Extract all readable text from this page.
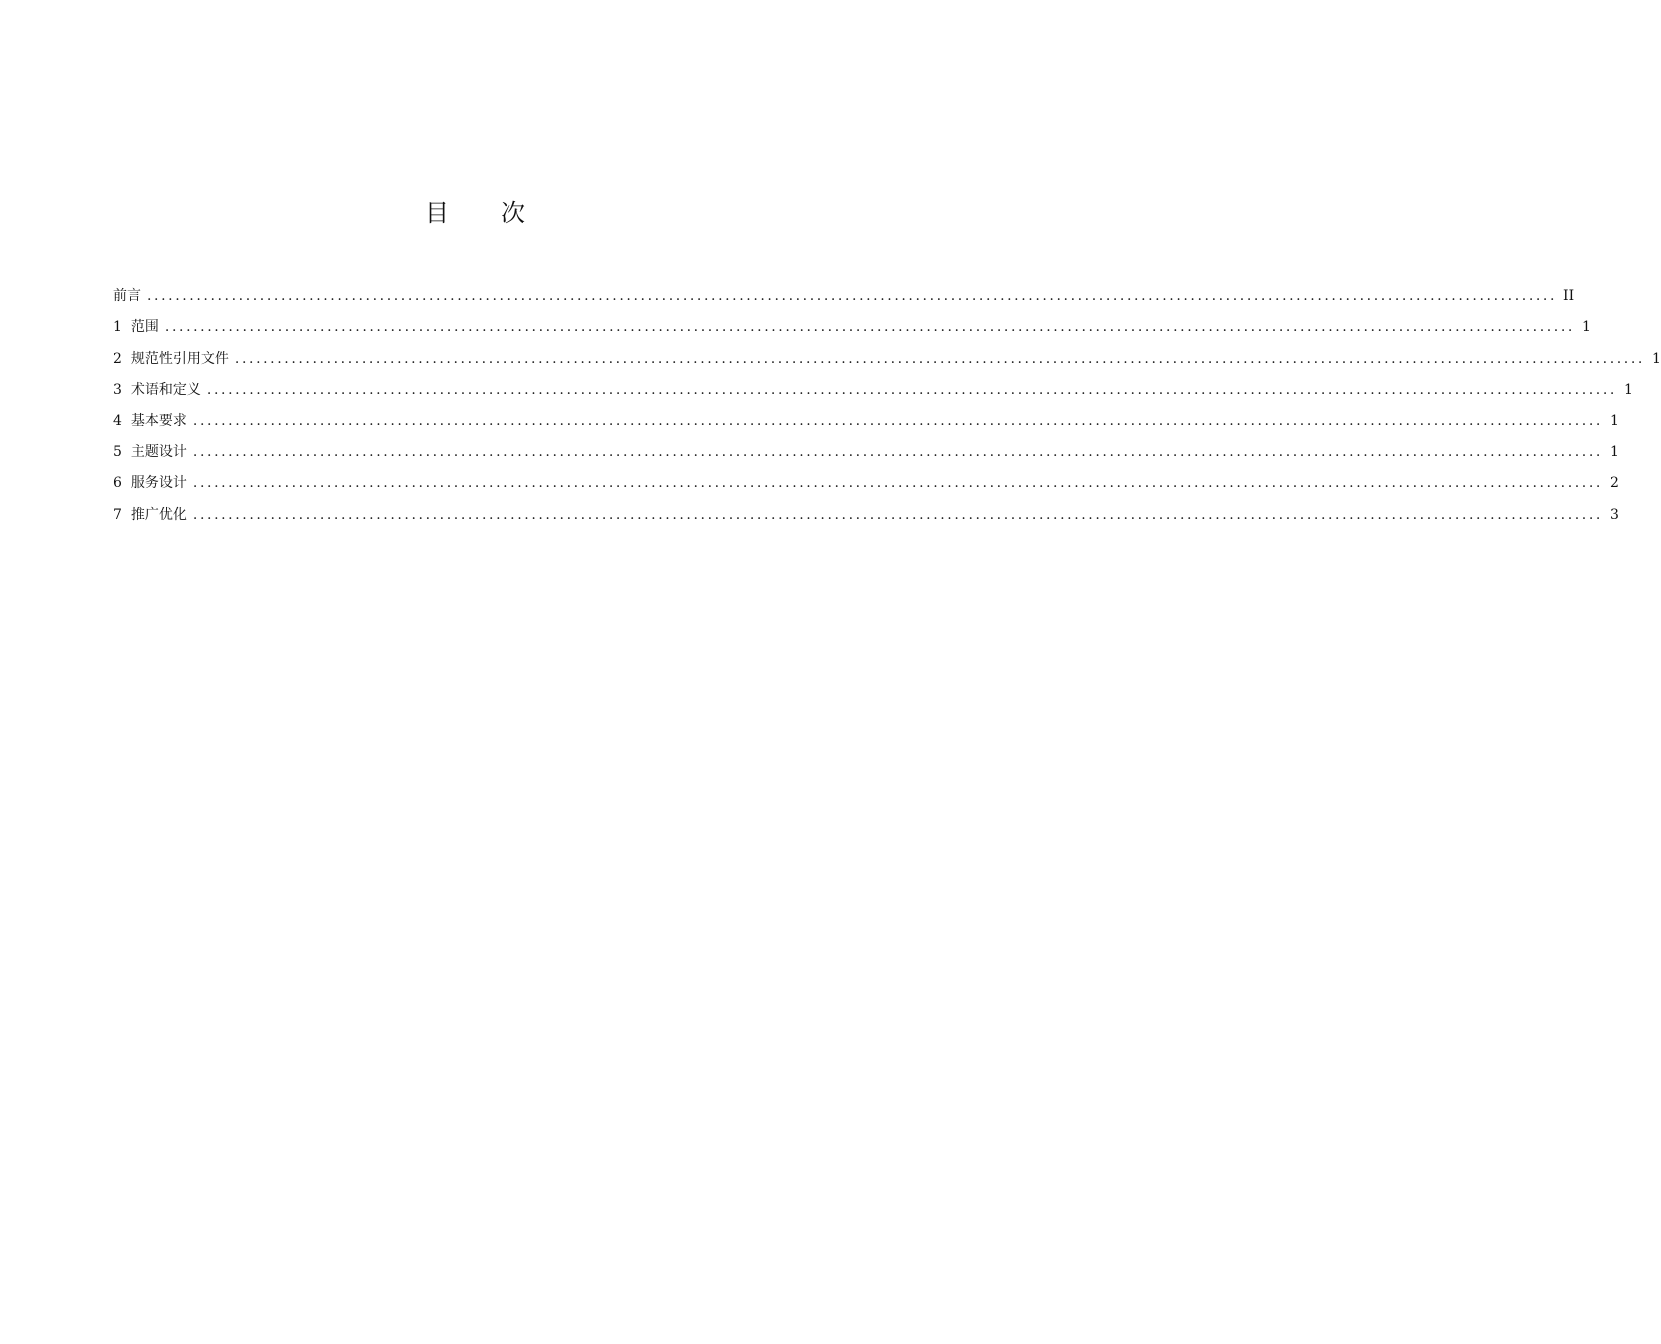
目 次
前言 ........................................................................................................................................................................................................ II
1 范围 ........................................................................................................................................................................................................ 1
2 规范性引用文件 ........................................................................................................................................................................................................ 1
3 术语和定义 ........................................................................................................................................................................................................ 1
4 基本要求 ........................................................................................................................................................................................................ 1
5 主题设计 ........................................................................................................................................................................................................ 1
6 服务设计 ........................................................................................................................................................................................................ 2
7 推广优化 ........................................................................................................................................................................................................ 3
